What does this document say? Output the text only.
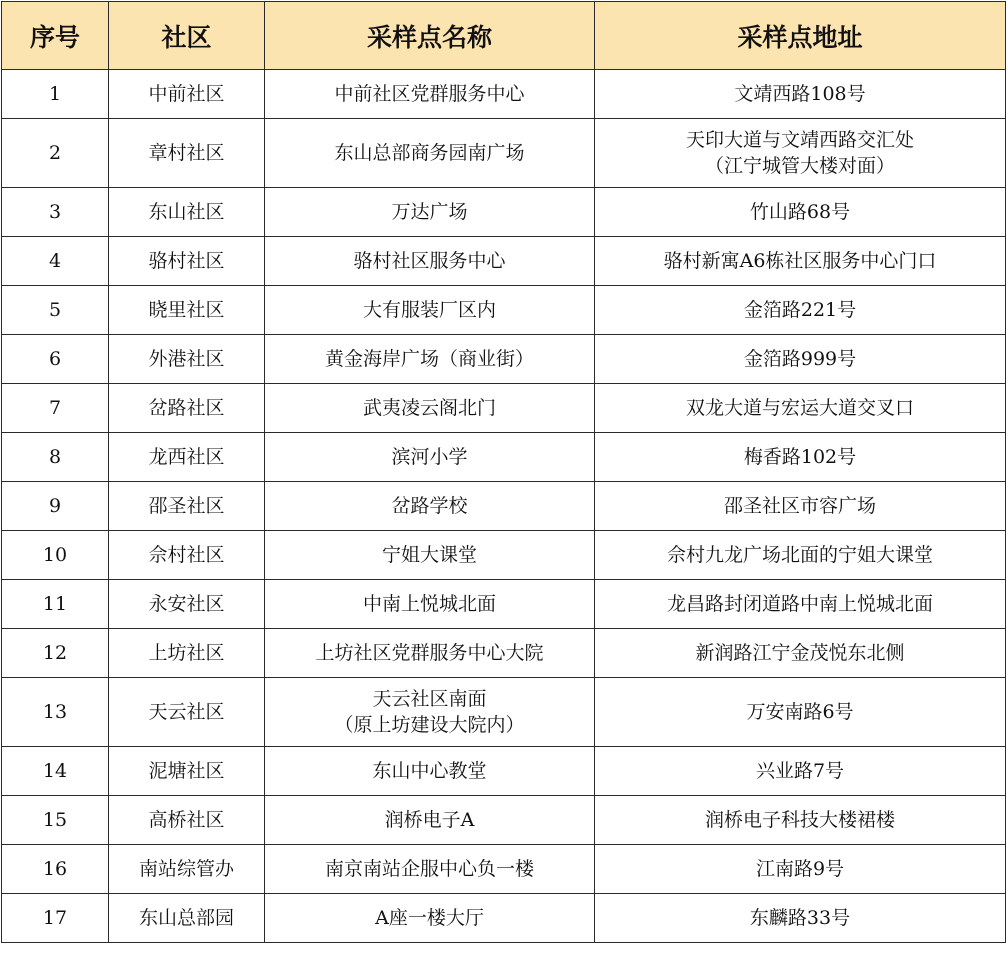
序号	社区	采样点名称	采样点地址
1	中前社区	中前社区党群服务中心	文靖西路108号

2	章村社区	东山总部商务园南广场	天印大道与文靖西路交汇处
（江宁城管大楼对面）

3	东山社区	万达广场	竹山路68号

4	骆村社区	骆村社区服务中心	骆村新寓A6栋社区服务中心门口

5	晓里社区	大有服装厂区内	金箔路221号

6	外港社区	黄金海岸广场（商业街）	金箔路999号

7	岔路社区	武夷凌云阁北门	双龙大道与宏运大道交叉口

8	龙西社区	滨河小学	梅香路102号

9	邵圣社区	岔路学校	邵圣社区市容广场

10	佘村社区	宁姐大课堂	佘村九龙广场北面的宁姐大课堂

11	永安社区	中南上悦城北面	龙昌路封闭道路中南上悦城北面

12	上坊社区	上坊社区党群服务中心大院	新润路江宁金茂悦东北侧

13	天云社区	天云社区南面
（原上坊建设大院内）	万安南路6号

14	泥塘社区	东山中心教堂	兴业路7号

15	高桥社区	润桥电子A	润桥电子科技大楼裙楼

16	南站综管办	南京南站企服中心负一楼	江南路9号

17	东山总部园	A座一楼大厅	东麟路33号
